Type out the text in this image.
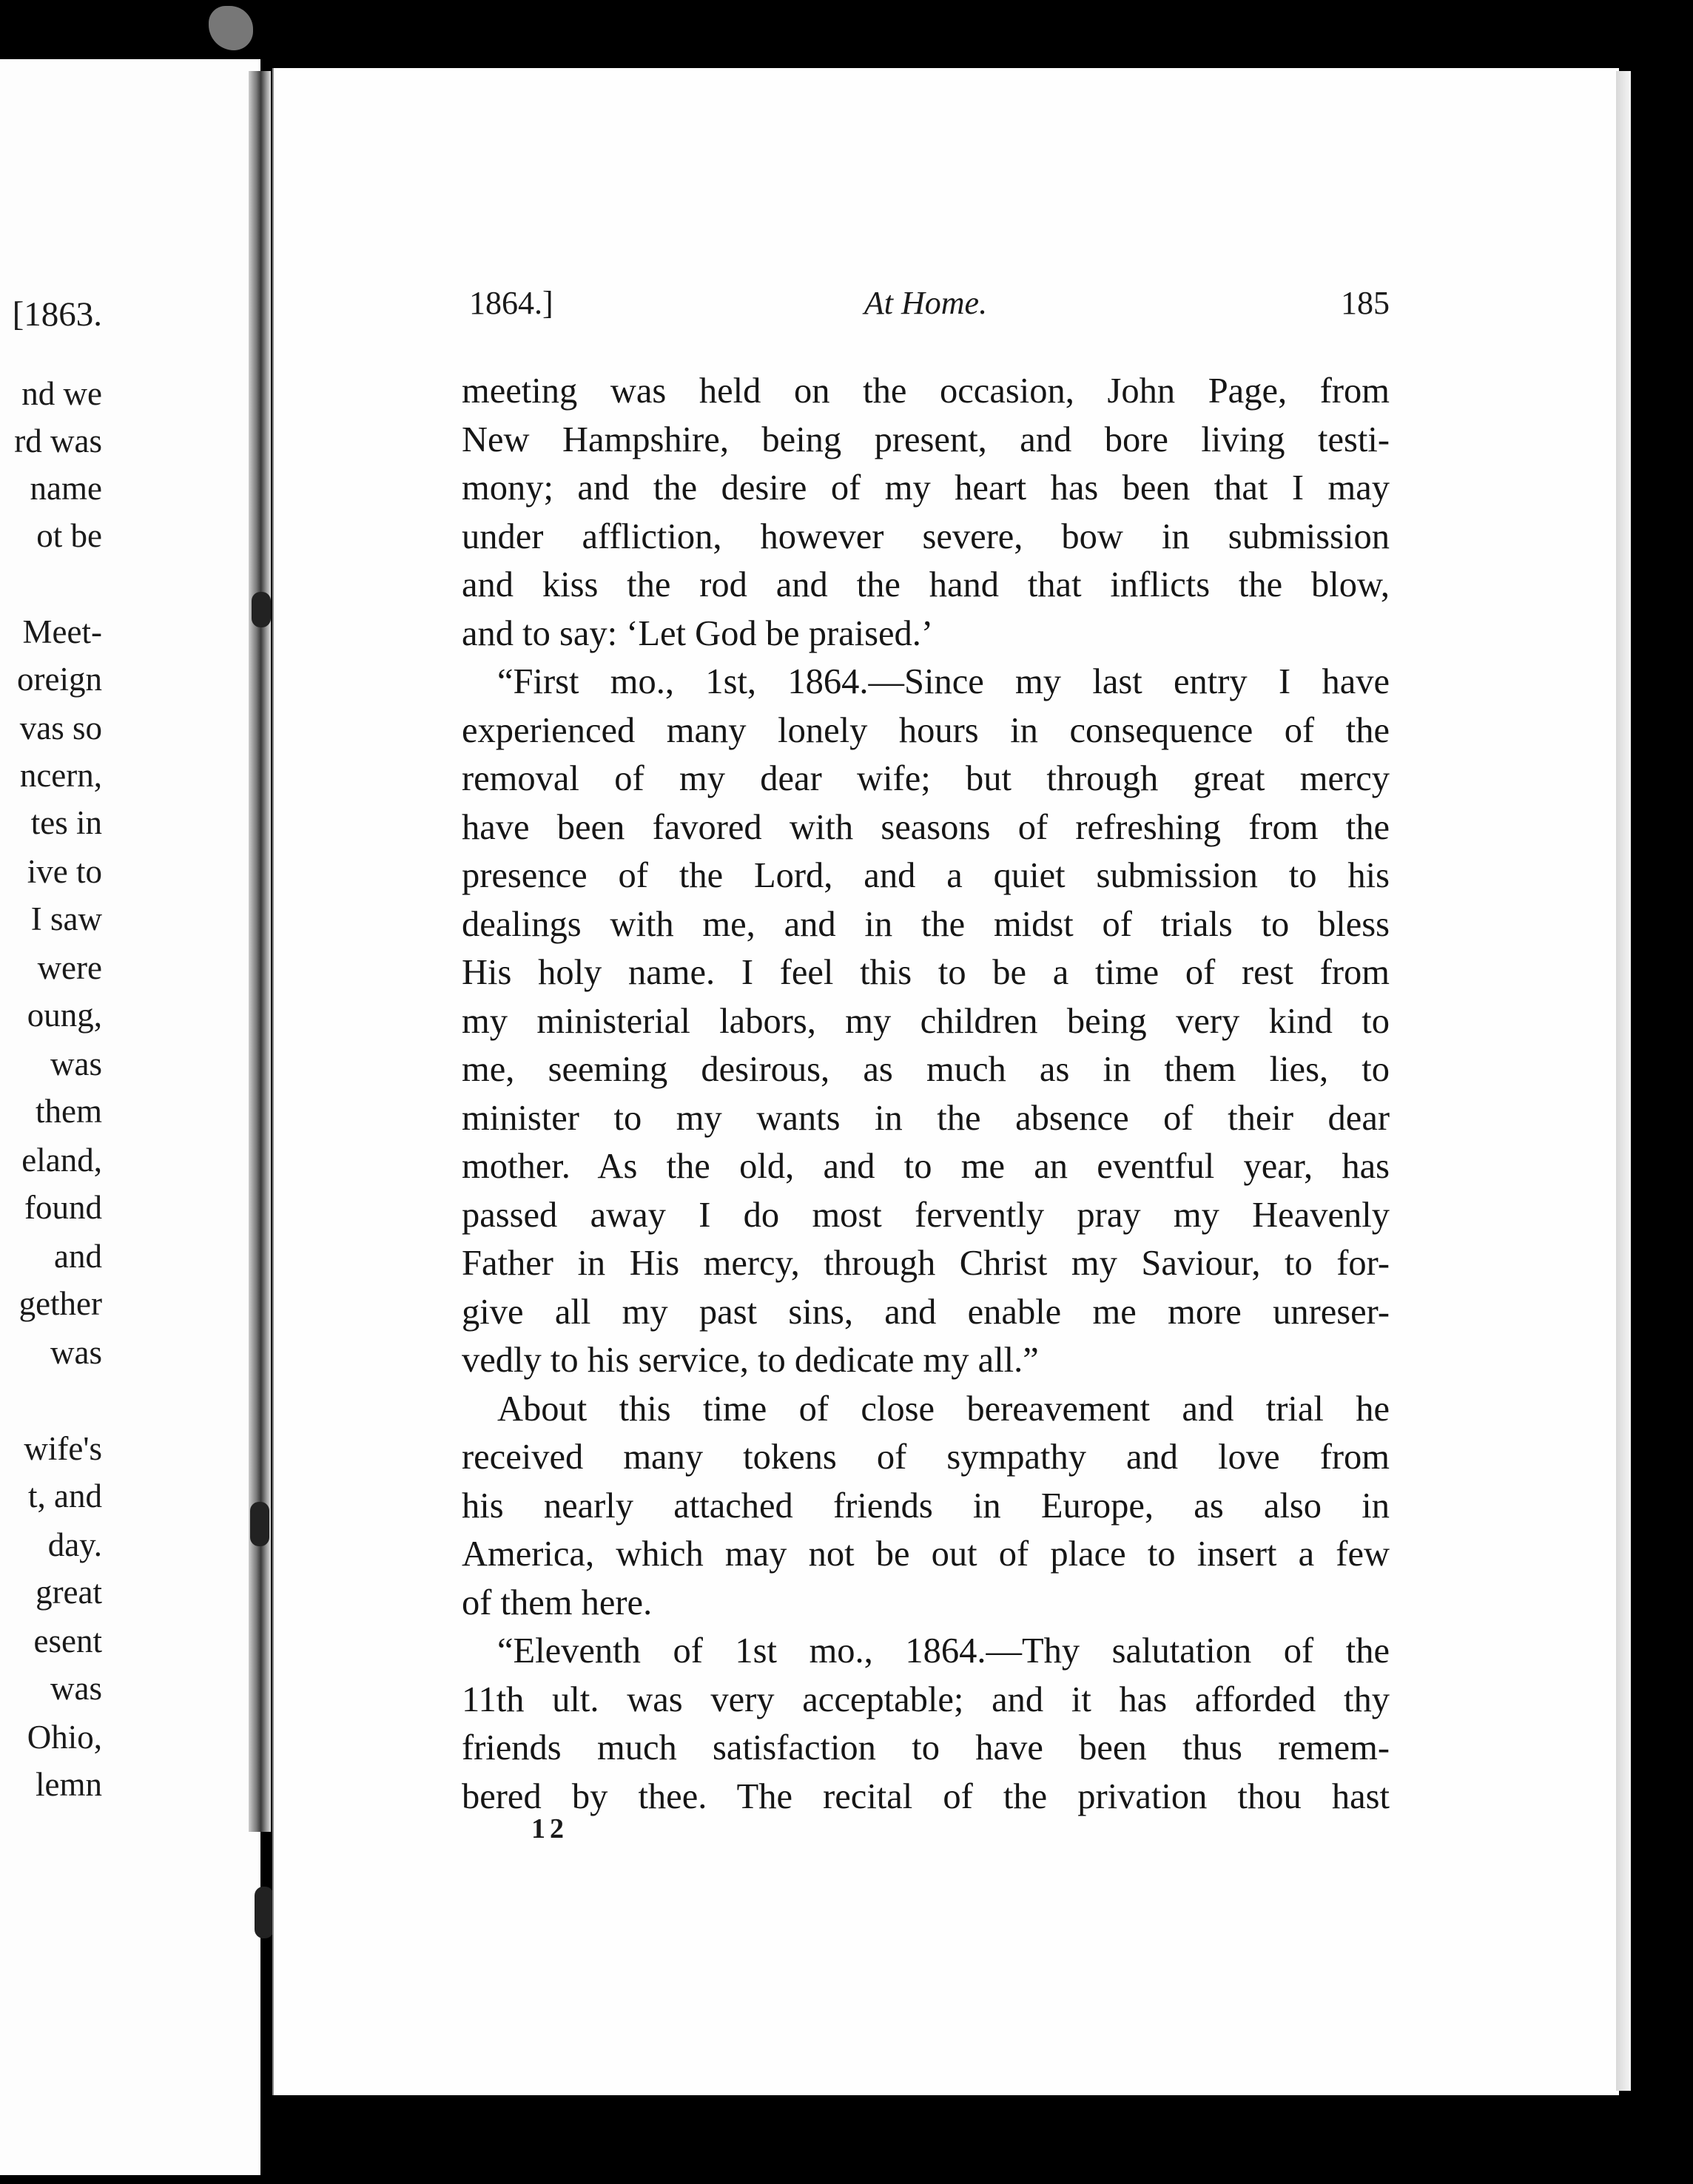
[1863.
nd we
rd was
name
ot be
Meet-
oreign
vas so
ncern,
tes in
ive to
I saw
were
oung,
was
them
eland,
found
and
gether
was
wife's
t, and
day.
great
esent
was
Ohio,
lemn
1864.]	At Home.	185
meeting was held on the occasion, John Page, from
New Hampshire, being present, and bore living testi-
mony; and the desire of my heart has been that I may
under affliction, however severe, bow in submission
and kiss the rod and the hand that inflicts the blow,
and to say: ‘Let God be praised.’
“First mo., 1st, 1864.—Since my last entry I have
experienced many lonely hours in consequence of the
removal of my dear wife; but through great mercy
have been favored with seasons of refreshing from the
presence of the Lord, and a quiet submission to his
dealings with me, and in the midst of trials to bless
His holy name. I feel this to be a time of rest from
my ministerial labors, my children being very kind to
me, seeming desirous, as much as in them lies, to
minister to my wants in the absence of their dear
mother. As the old, and to me an eventful year, has
passed away I do most fervently pray my Heavenly
Father in His mercy, through Christ my Saviour, to for-
give all my past sins, and enable me more unreser-
vedly to his service, to dedicate my all.”
About this time of close bereavement and trial he
received many tokens of sympathy and love from
his nearly attached friends in Europe, as also in
America, which may not be out of place to insert a few
of them here.
“Eleventh of 1st mo., 1864.—Thy salutation of the
11th ult. was very acceptable; and it has afforded thy
friends much satisfaction to have been thus remem-
bered by thee. The recital of the privation thou hast
12
